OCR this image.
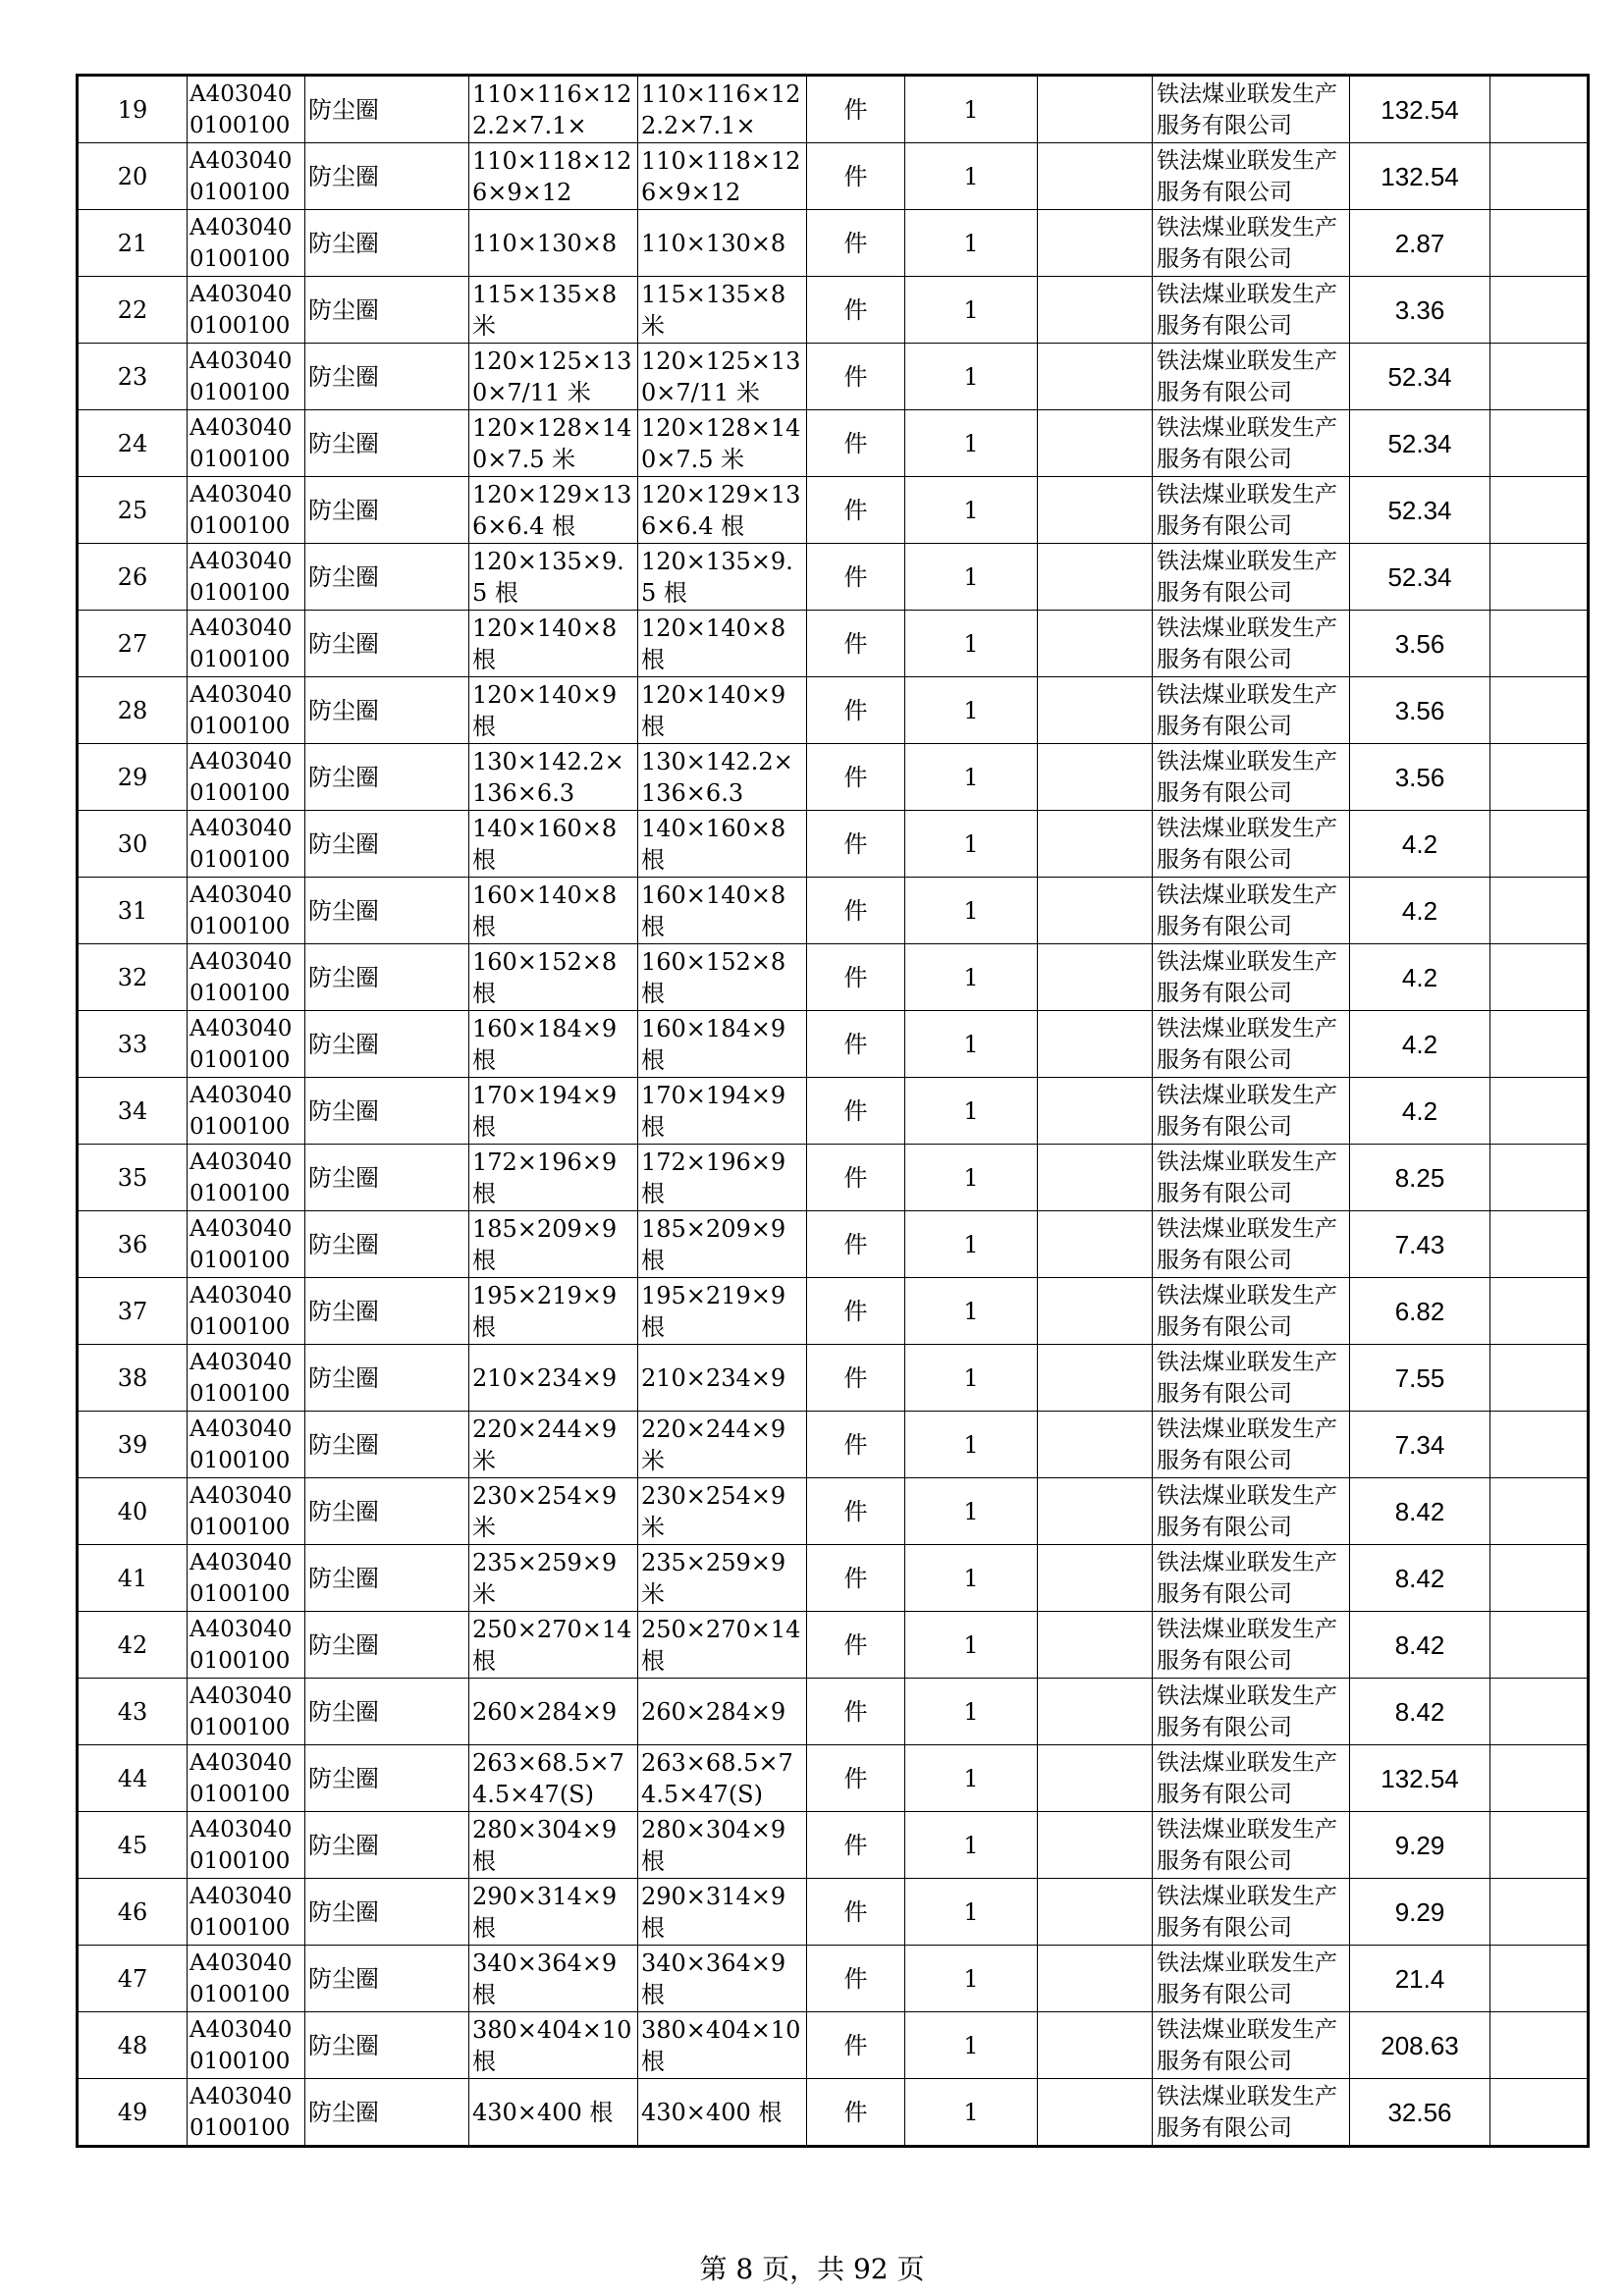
19	A4030400100100	防尘圈	110×116×122.2×7.1×	110×116×122.2×7.1×	件	1		铁法煤业联发生产服务有限公司	132.54	
20	A4030400100100	防尘圈	110×118×126×9×12	110×118×126×9×12	件	1		铁法煤业联发生产服务有限公司	132.54	
21	A4030400100100	防尘圈	110×130×8	110×130×8	件	1		铁法煤业联发生产服务有限公司	2.87	
22	A4030400100100	防尘圈	115×135×8米	115×135×8米	件	1		铁法煤业联发生产服务有限公司	3.36	
23	A4030400100100	防尘圈	120×125×130×7/11 米	120×125×130×7/11 米	件	1		铁法煤业联发生产服务有限公司	52.34	
24	A4030400100100	防尘圈	120×128×140×7.5 米	120×128×140×7.5 米	件	1		铁法煤业联发生产服务有限公司	52.34	
25	A4030400100100	防尘圈	120×129×136×6.4 根	120×129×136×6.4 根	件	1		铁法煤业联发生产服务有限公司	52.34	
26	A4030400100100	防尘圈	120×135×9.5 根	120×135×9.5 根	件	1		铁法煤业联发生产服务有限公司	52.34	
27	A4030400100100	防尘圈	120×140×8根	120×140×8根	件	1		铁法煤业联发生产服务有限公司	3.56	
28	A4030400100100	防尘圈	120×140×9根	120×140×9根	件	1		铁法煤业联发生产服务有限公司	3.56	
29	A4030400100100	防尘圈	130×142.2×136×6.3	130×142.2×136×6.3	件	1		铁法煤业联发生产服务有限公司	3.56	
30	A4030400100100	防尘圈	140×160×8根	140×160×8根	件	1		铁法煤业联发生产服务有限公司	4.2	
31	A4030400100100	防尘圈	160×140×8根	160×140×8根	件	1		铁法煤业联发生产服务有限公司	4.2	
32	A4030400100100	防尘圈	160×152×8根	160×152×8根	件	1		铁法煤业联发生产服务有限公司	4.2	
33	A4030400100100	防尘圈	160×184×9根	160×184×9根	件	1		铁法煤业联发生产服务有限公司	4.2	
34	A4030400100100	防尘圈	170×194×9根	170×194×9根	件	1		铁法煤业联发生产服务有限公司	4.2	
35	A4030400100100	防尘圈	172×196×9根	172×196×9根	件	1		铁法煤业联发生产服务有限公司	8.25	
36	A4030400100100	防尘圈	185×209×9根	185×209×9根	件	1		铁法煤业联发生产服务有限公司	7.43	
37	A4030400100100	防尘圈	195×219×9根	195×219×9根	件	1		铁法煤业联发生产服务有限公司	6.82	
38	A4030400100100	防尘圈	210×234×9	210×234×9	件	1		铁法煤业联发生产服务有限公司	7.55	
39	A4030400100100	防尘圈	220×244×9米	220×244×9米	件	1		铁法煤业联发生产服务有限公司	7.34	
40	A4030400100100	防尘圈	230×254×9米	230×254×9米	件	1		铁法煤业联发生产服务有限公司	8.42	
41	A4030400100100	防尘圈	235×259×9米	235×259×9米	件	1		铁法煤业联发生产服务有限公司	8.42	
42	A4030400100100	防尘圈	250×270×14 根	250×270×14 根	件	1		铁法煤业联发生产服务有限公司	8.42	
43	A4030400100100	防尘圈	260×284×9	260×284×9	件	1		铁法煤业联发生产服务有限公司	8.42	
44	A4030400100100	防尘圈	263×68.5×74.5×47(S)	263×68.5×74.5×47(S)	件	1		铁法煤业联发生产服务有限公司	132.54	
45	A4030400100100	防尘圈	280×304×9根	280×304×9根	件	1		铁法煤业联发生产服务有限公司	9.29	
46	A4030400100100	防尘圈	290×314×9根	290×314×9根	件	1		铁法煤业联发生产服务有限公司	9.29	
47	A4030400100100	防尘圈	340×364×9根	340×364×9根	件	1		铁法煤业联发生产服务有限公司	21.4	
48	A4030400100100	防尘圈	380×404×10 根	380×404×10 根	件	1		铁法煤业联发生产服务有限公司	208.63	
49	A4030400100100	防尘圈	430×400 根	430×400 根	件	1		铁法煤业联发生产服务有限公司	32.56	
第 8 页，共 92 页
